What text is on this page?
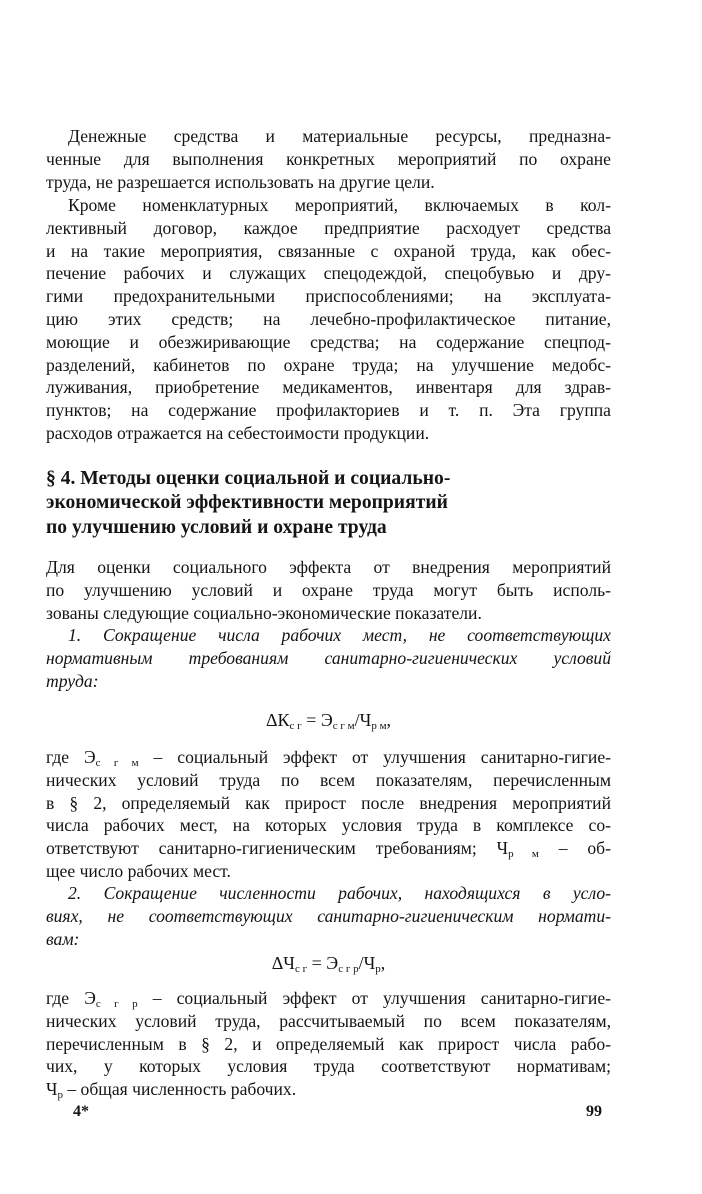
Денежные средства и материальные ресурсы, предназна-
ченные для выполнения конкретных мероприятий по охране
труда, не разрешается использовать на другие цели.

Кроме номенклатурных мероприятий, включаемых в кол-
лективный договор, каждое предприятие расходует средства
и на такие мероприятия, связанные с охраной труда, как обес-
печение рабочих и служащих спецодеждой, спецобувью и дру-
гими предохранительными приспособлениями; на эксплуата-
цию этих средств; на лечебно-профилактическое питание,
моющие и обезжиривающие средства; на содержание спецпод-
разделений, кабинетов по охране труда; на улучшение медобс-
луживания, приобретение медикаментов, инвентаря для здрав-
пунктов; на содержание профилакториев и т. п. Эта группа
расходов отражается на себестоимости продукции.

§ 4. Методы оценки социальной и социально-
экономической эффективности мероприятий
по улучшению условий и охране труда

Для оценки социального эффекта от внедрения мероприятий
по улучшению условий и охране труда могут быть исполь-
зованы следующие социально-экономические показатели.

1. Сокращение числа рабочих мест, не соответствующих
нормативным требованиям санитарно-гигиенических условий
труда:

$\Delta К_{с г} = Э_{с г м}/Ч_{р м}$,

где $Э_{с г м}$ – социальный эффект от улучшения санитарно-гигие-
нических условий труда по всем показателям, перечисленным
в § 2, определяемый как прирост после внедрения мероприятий
числа рабочих мест, на которых условия труда в комплексе со-
ответствуют санитарно-гигиеническим требованиям; $Ч_{р м} - об-$
щее число рабочих мест.

2. Сокращение численности рабочих, находящихся в усло-
виях, не соответствующих санитарно-гигиеническим нормати-
вам:

$\Delta Ч_{с г} = Э_{с г р}/Ч_р$,

где $Э_{с г р}$ – социальный эффект от улучшения санитарно-гигие-
нических условий труда, рассчитываемый по всем показателям,
перечисленным в § 2, и определяемый как прирост числа рабо-
чих, у которых условия труда соответствуют нормативам;
$Ч_р$ – общая численность рабочих.

4*	99
